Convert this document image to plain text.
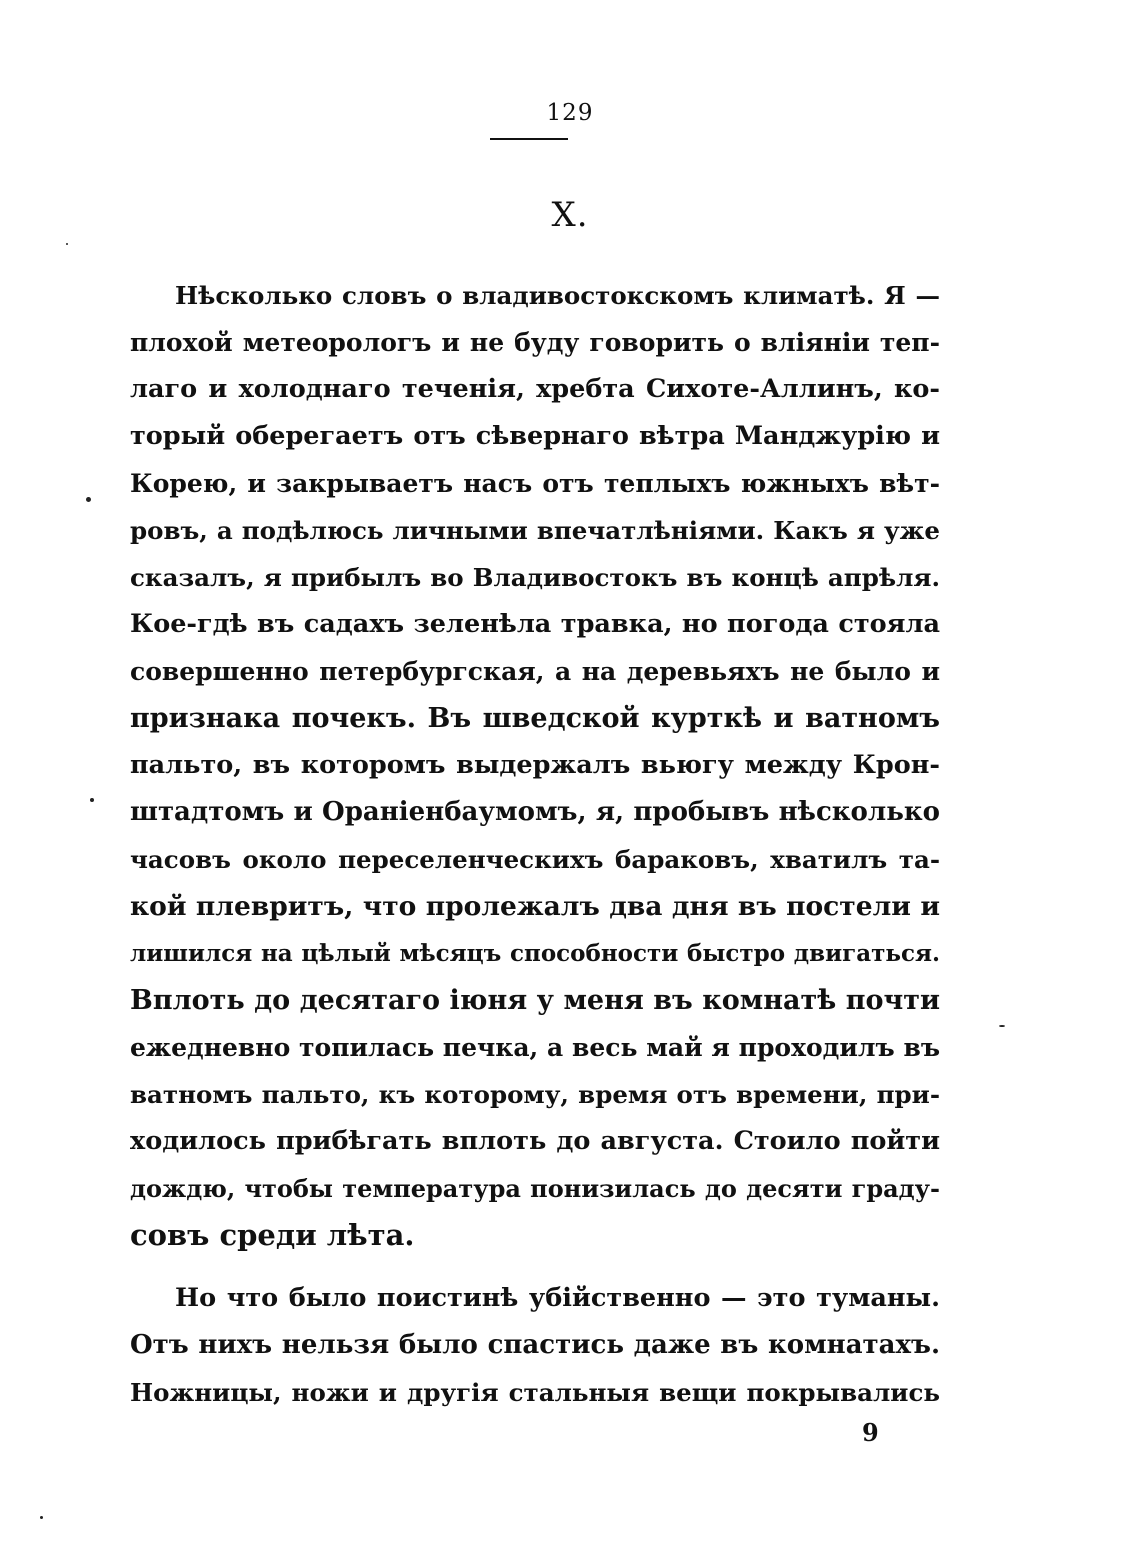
129
X.
Нѣсколько словъ о владивостокскомъ климатѣ. Я —
плохой метеорологъ и не буду говорить о вліяніи теп-
лаго и холоднаго теченія, хребта Сихоте-Аллинъ, ко-
торый оберегаетъ отъ сѣвернаго вѣтра Манджурію и
Корею, и закрываетъ насъ отъ теплыхъ южныхъ вѣт-
ровъ, а подѣлюсь личными впечатлѣніями. Какъ я уже
сказалъ, я прибылъ во Владивостокъ въ концѣ апрѣля.
Кое-гдѣ въ садахъ зеленѣла травка, но погода стояла
совершенно петербургская, а на деревьяхъ не было и
признака почекъ. Въ шведской курткѣ и ватномъ
пальто, въ которомъ выдержалъ вьюгу между Крон-
штадтомъ и Ораніенбаумомъ, я, пробывъ нѣсколько
часовъ около переселенческихъ бараковъ, хватилъ та-
кой плевритъ, что пролежалъ два дня въ постели и
лишился на цѣлый мѣсяцъ способности быстро двигаться.
Вплоть до десятаго іюня у меня въ комнатѣ почти
ежедневно топилась печка, а весь май я проходилъ въ
ватномъ пальто, къ которому, время отъ времени, при-
ходилось прибѣгать вплоть до августа. Стоило пойти
дождю, чтобы температура понизилась до десяти граду-
совъ среди лѣта.
Но что было поистинѣ убійственно — это туманы.
Отъ нихъ нельзя было спастись даже въ комнатахъ.
Ножницы, ножи и другія стальныя вещи покрывались
9
